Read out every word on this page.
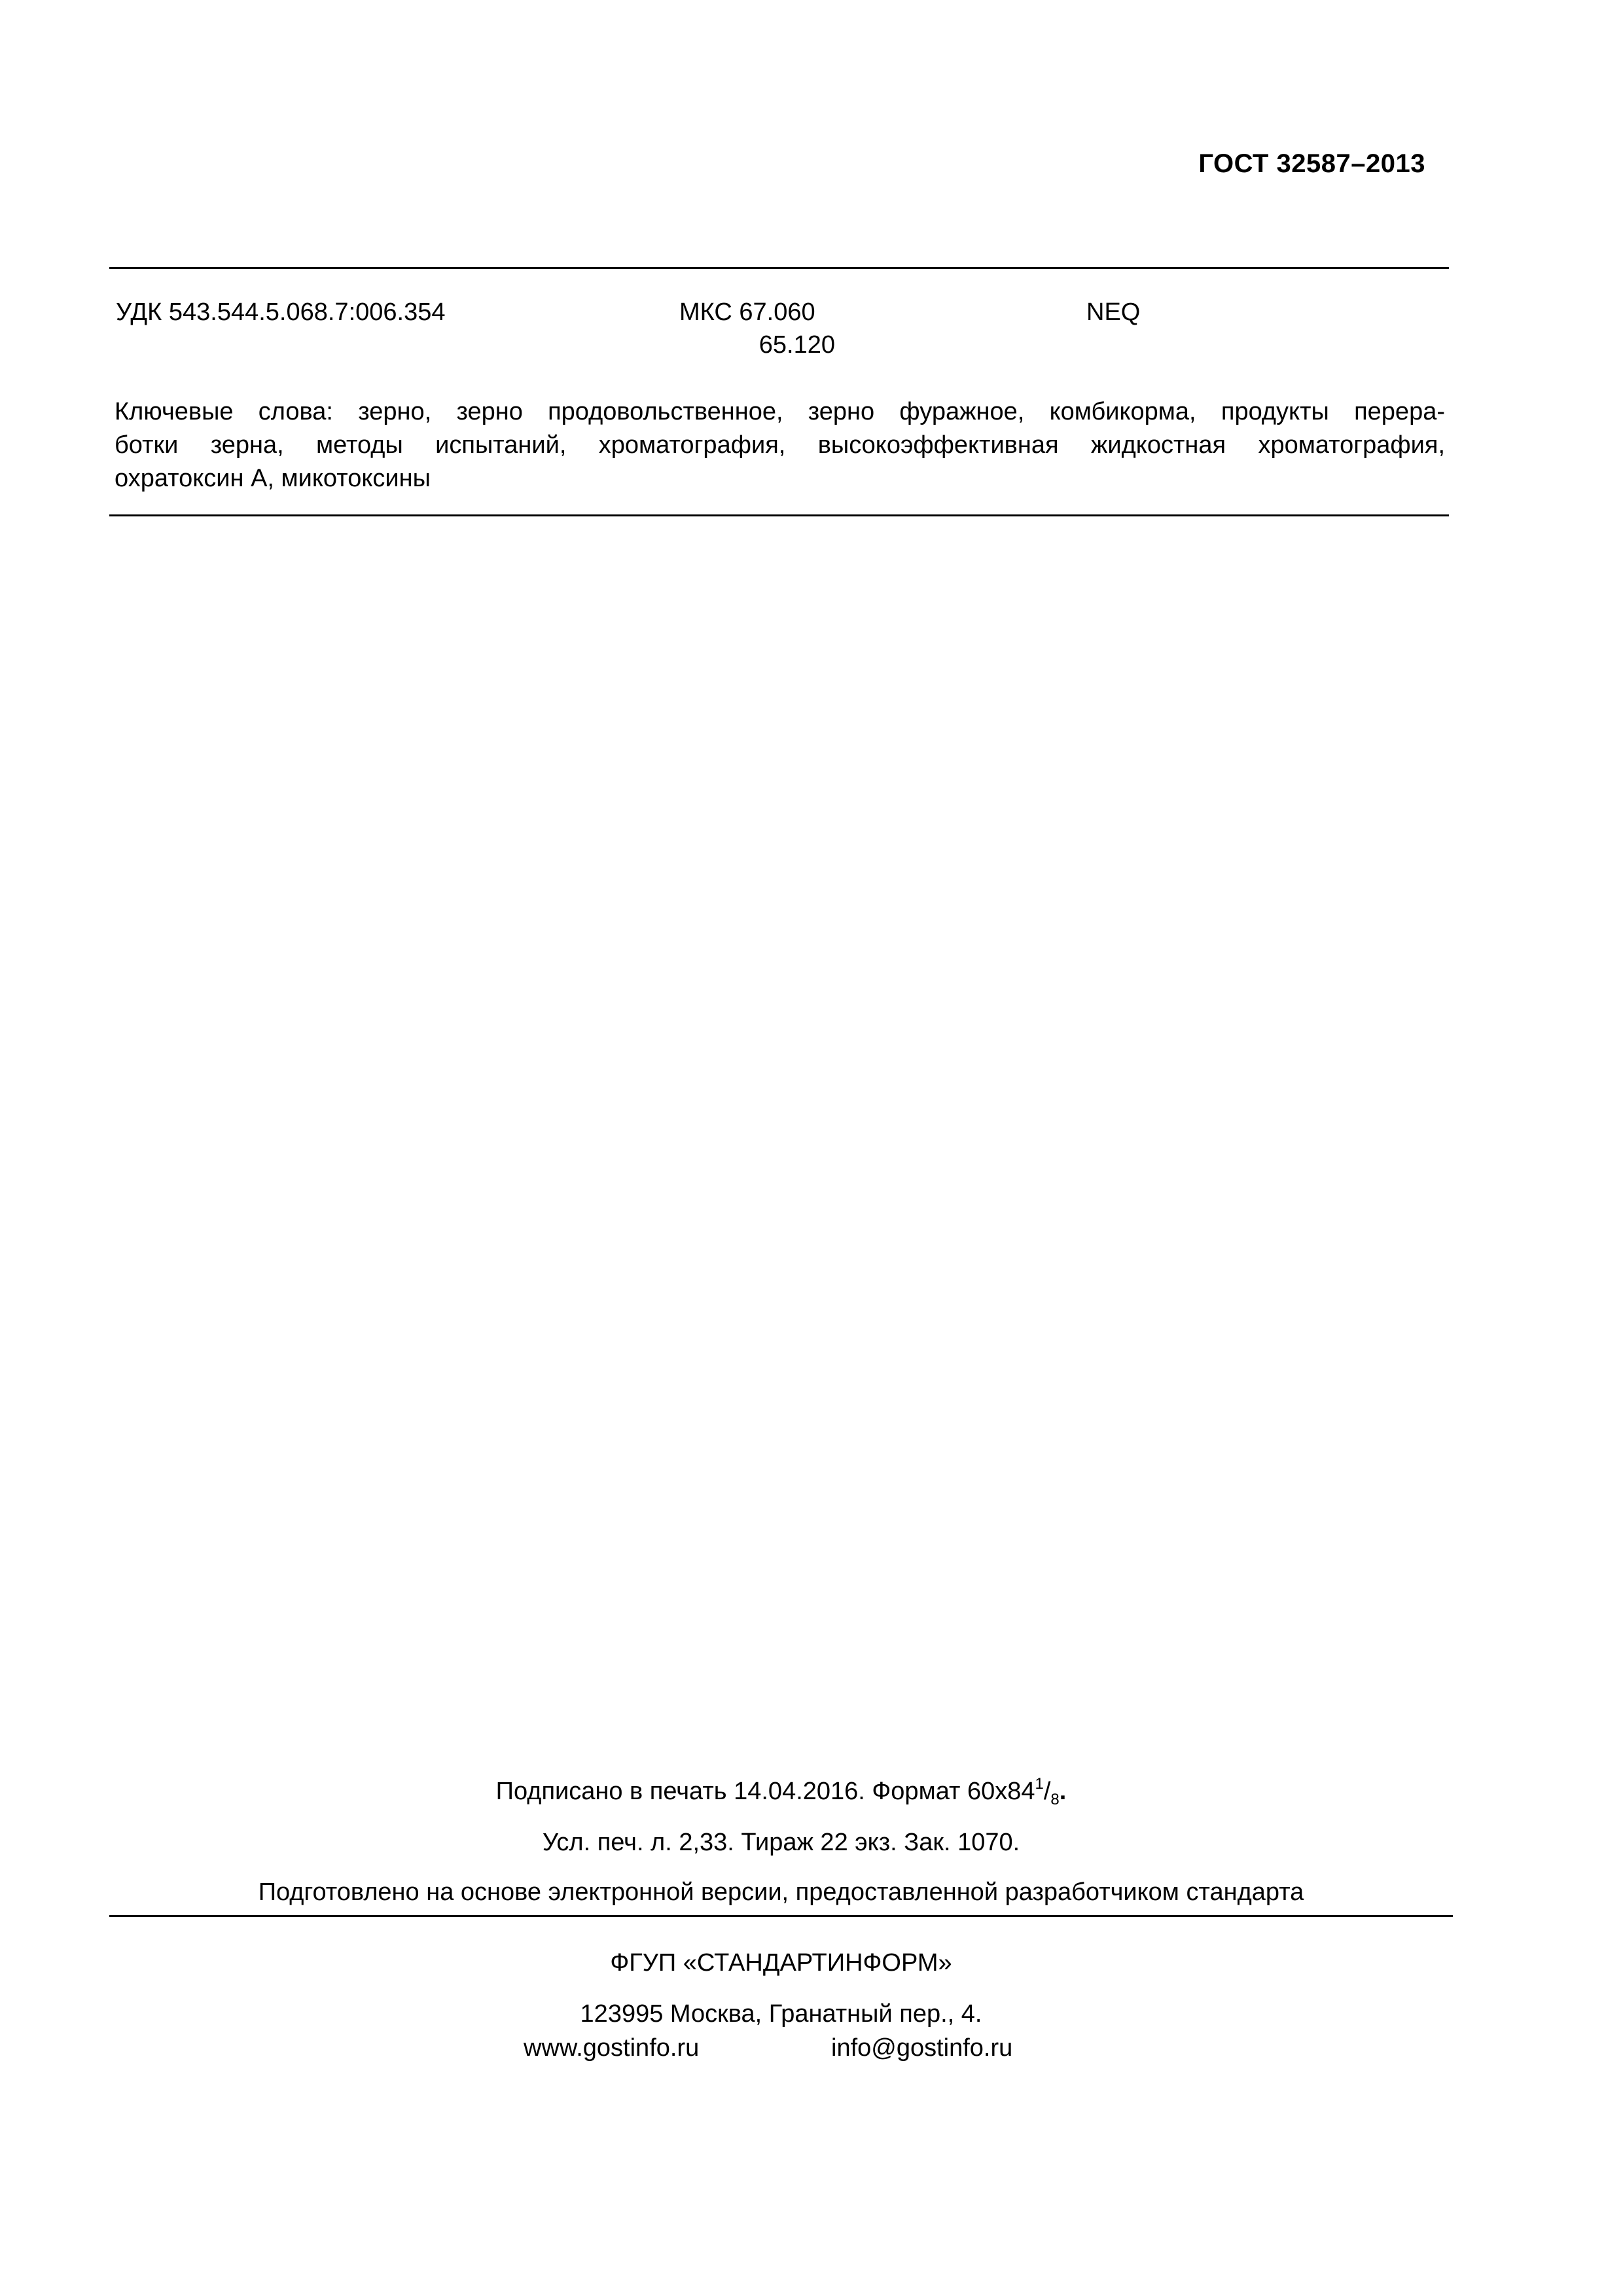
ГОСТ 32587–2013
УДК 543.544.5.068.7:006.354	МКС 67.060
65.120
NEQ
Ключевые слова: зерно, зерно продовольственное, зерно фуражное, комбикорма, продукты перера-
ботки зерна, методы испытаний, хроматография, высокоэффективная жидкостная хроматография,
охратоксин А, микотоксины
Подписано в печать 14.04.2016. Формат $60x84^1/_8$.
Усл. печ. л. 2,33. Тираж 22 экз. Зак. 1070.
Подготовлено на основе электронной версии, предоставленной разработчиком стандарта
ФГУП «СТАНДАРТИНФОРМ»
123995 Москва, Гранатный пер., 4.
www.gostinfo.ru	info@gostinfo.ru
